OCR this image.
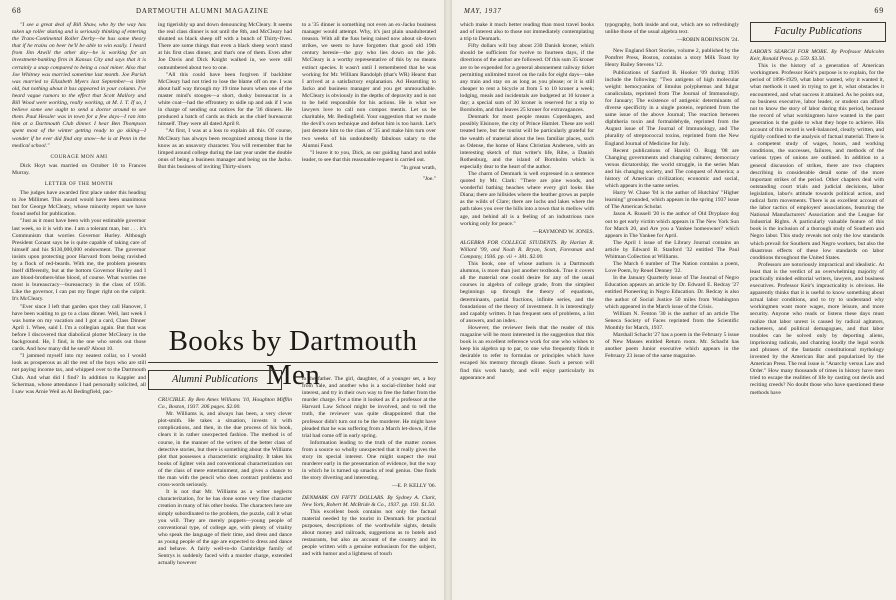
68	DARTMOUTH ALUMNI MAGAZINE

"I see a great deal of Bill Shaw, who by the way has taken up roller skating and is seriously thinking of entering the Trans-Continental Roller Derby—he has some theory that if he trains on beer he'll be able to win easily. I heard from Jim Atwill the other day—he is working for an investment-banking firm in Kansas City and says that it is certainly a snap compared to being a coal miner. Also that Joe Whitney was married sometime last month. Joe Parish was married to Elizabeth Myers last September—a little old, but nothing about it has appeared in your column. I've heard vague rumors to the effect that Scott Mallory and Bill Wood were working, really working, at M. I. T. If so, I believe some one ought to send a doctor around to see them. Paul Hessler was in town for a few days—I ran into him at a Dartmouth Club dinner. I hear Ben Thompson spent most of the winter getting ready to go skiing—I wonder if he ever did find any snow—he is at Penn in the medical school."

COURAGE MON AMI

Dick Hoyt was married on October 10 to Frances Murray.

LETTER OF THE MONTH

The judges have awarded first place under this heading to Joe Millimet. This award would have been unanimous but for George McCleary, whose minority report we have found useful for publication.

"Just as it must have been with your estimable governor last week, so it is with me. I am a tolerant man, but . . . it's Communism that worries Governor Hurley. Although President Conant says he is quite capable of taking care of himself and his $130,000,000 endowment. The governor insists upon protecting poor Harvard from being ravished by a flock of red-beards. With me, the problem presents itself differently, but at the bottom Governor Hurley and I are blood-brothers-blue blood, of course. What worries me most is bureaucracy—bureaucracy in the class of 1936. Like the governor, I can put my finger right on the culprit. It's McCleary.

"Ever since I left that garden spot they call Hanover, I have been waiting to go to a class dinner. Well, last week I was home on my vacation and I got a card, Class Dinner April 1. Whee, said I. I'm a collegian again. But that was before I discovered that diabolical plotter McCleary in the background. He, I find, is the one who sends out those cards. And how many did he send? About 10.

"I jammed myself into my neatest collar, so I would look as prosperous as all the rest of the boys who are still not paying income tax, and whipped over to the Dartmouth Club. And what did I find? In addition to Kappler and Scherman, whose attendance I had personally solicited, all I saw was Arnie Weil as Al Bedingfield, pac-

ing tigerishly up and down denouncing McCleary. It seems the real class dinner is not until the 8th, and McCleary had shunted us black sheep off with a bunch of Thirty-fives. There are some things that even a black sheep won't stand at his first class dinner, and that's one of them. Even after Joe Davis and Dick Knight walked in, we were still outnumbered about two to one.

"All this could have been forgiven if backbiter McCleary had not tried to lose the blame off on me. I was about half way through my 19 time hours when one of the master mind's stooges—a short, dusky bureaucrat in a white coat—had the effrontery to sidle up and ask if I was in charge of sending out notices for the '36 dinners. He produced a batch of cards as thick as the chief bureaucrat himself. They were all dated April 8.

"At first, I was at a loss to explain all this. Of course, McCleary has always been recognized among those in the know as an unsavory character. You will remember that he limped around college during the last year under the double onus of being a business manager and being on the Jacko. But this business of inviting Thirty-sixers

to a '35 dinner is something not even an ex-Jacko business manager would attempt. Why, it's just plain unadulterated treason. With all the fuss being raised now about sit-down strikes, we seem to have forgotten that good old 19th century heresie—the guy who lies down on the job. McCleary is a worthy representative of this by no means extinct species. It wasn't until I remembered that he was working for Mr. William Randolph (that's WR) Hearst that I arrived at a satisfactory explanation. Ad Hearstling to Jacko and business manager and you get unmouchable. McCleary is obviously in the depths of depravity and is not to be held responsible for his actions. He is what we lawyers love to call non compos mentis. Let us be charitable, Mr. Bedingfield. Your suggestion that we made the devil's own technique and defeat him is too harsh. Let's just demote him to the class of '35 and make him turn over two weeks of his undoubtedly fabulous salary to the Alumni Fund.

"I leave it to you, Dick, as our guiding hand and noble leader, to see that this reasonable request is carried out.

"In great wrath,

"Joe."

Books by Dartmouth Men
Alumni Publications

CRUCIBLE. By Ben Ames Williams '10, Houghton Mifflin Co., Boston, 1937. 306 pages. $2.00.

Mr. Williams is, and always has been, a very clever plot-smith. He takes a situation, invests it with complications, and then, in the due process of his book, clears it in rather unexpected fashion. The method is of course, in the manner of the writers of the better class of detective stories, but there is something about the Williams plot that possesses a characteristic originality. It takes his books of lighter vein and conventional characterization out of the class of mere entertainment, and gives a chance to the man with the pencil who does contract problems and cross-words seriously.

It is not that Mr. Williams as a writer neglects characterization, for he has done some very fine character creation in many of his other books. The characters here are simply subordinated to the problem, the puzzle, call it what you will. They are merely puppets—young people of conventional type, of college age, with plenty of vitality who speak the language of their time, and dress and dance as young people of the age are expected to dress and dance and behave. A fairly well-to-do Cambridge family of Sentrys is suddenly faced with a murder charge, extended actually however

to the father. The girl, daughter, of a younger set, a boy from Yale, and another who is a social-climber hold our interest, and try in their own way to free the father from the murder charge. For a time it looked as if a professor at the Harvard Law School might be involved, and to tell the truth, the reviewer was quite disappointed that the professor didn't turn out to be the murderer. He might have pleaded that he was suffering from a March let-down, if the trial had come off in early spring.

Information leading to the truth of the matter comes from a source so wholly unexpected that it really gives the story its special interest. One might suspect the real murderer early in the presentation of evidence, but the way in which he is turned up smacks of real genius. One finds the story diverting and interesting.

—E. P. KELLY '06.

DENMARK ON FIFTY DOLLARS. By Sydney A. Clark, New York, Robert M. McBride & Co., 1937. pp. 193. $1.50.

This excellent book contains not only the factual material needed by the tourist in Denmark for practical purposes, descriptions of the worthwhile sights, details about money and railroads, suggestions as to hotels and restaurants, but also an account of the country and its people written with a genuine enthusiasm for the subject, and with humor and a lightness of touch

MAY, 1937	69

which make it much better reading than most travel books and of interest also to those not immediately contemplating a trip to Denmark.

Fifty dollars will buy about 230 Danish kroner, which should be sufficient for twelve to fourteen days, if the directions of the author are followed. Of this sum 35 kroner are to be expended for a general abonnement railway ticket permitting unlimited travel on the rails for eight days—take any train and stay on as long as you please; or it is still cheaper to rent a bicycle at from 5 to 10 kroner a week; lodging, meals and incidentals are budgeted at 10 kroner a day; a special sum of 30 kroner is reserved for a trip to Bornholm, and that leaves 25 kroner for extravagances.

Denmark for most people means Copenhagen, and possibly Elsinore, the city of Prince Hamlet. These are well treated here, but the tourist will be particularly grateful for the wealth of material about the less familiar places, such as Odense, the home of Hans Christian Andersen, with an interesting sketch of that writer's life, Ribe, a Danish Rothenburg, and the island of Bornholm which is especially dear to the heart of the author.

The charm of Denmark is well expressed in a sentence quoted by Mr. Clark: "There are pine woods, and wonderful bathing beaches where every girl looks like Diana; there are hillsides where the heather grows as purple as the wilds of Clare; there are lochs and lakes where the path takes you over the hills into a town that is mellow with age, and behind all is a feeling of an industrious race working only for peace."

—RAYMOND W. JONES.

ALGEBRA FOR COLLEGE STUDENTS. By Harlan R. Willard '99, and Noah R. Bryan, Scott, Foresman and Company, 1936. pp. vii + 381. $2.00.

This book, one of whose authors is a Dartmouth alumnus, is more than just another textbook. True it covers all the material one could desire for any of the usual courses in algebra of college grade, from the simplest beginnings up through the theory of equations, determinants, partial fractions, infinite series, and the foundations of the theory of investment. It is interestingly and capably written. It has frequent sets of problems, a list of answers, and an index.

However, the reviewer feels that the reader of this magazine will be most interested in the suggestion that this book is an excellent reference work for one who wishes to keep his algebra up to par, to one who frequently finds it desirable to refer to formulas or principles which have escaped his memory through disuse. Such a person will find this work handy, and will enjoy particularly its appearance and

typography, both inside and out, which are so refreshingly unlike those of the usual algebra text.

—ROBIN ROBINSON '24.

New England Short Stories, volume 2, published by the Pomfret Press, Boston, contains a story Milk Toast by Henry Bailey Stevens '12.

Publications of Sanford B. Hooker '09 during 1936 include the following: "Two antigens of high molecular weight: hemocyanins of limulus polyphemus and fulgur canaliculata, reprinted from The Journal of Immunology, for January; The existence of antigenic determinants of diverse specificity in a single protein, reprinted from the same issue of the above Journal; The reaction between diphtheria toxin and formaldehyde, reprinted from the August issue of The Journal of Immunology, and The plurality of streptococcal toxins, reprinted from the New England Journal of Medicine for July.

Recent publications of Harold O. Rugg '08 are Changing governments and changing cultures; democracy versus dictatorship; the world struggle, in the series Man and his changing society, and The conquest of America; a history of American civilization; economic and social, which appears in the same series.

Harry W. Chase '04 is the author of Hutchins' "Higher learning" grounded, which appears in the spring 1937 issue of The American Scholar.

Jason A. Russell '20 is the author of Old Dryplace dog out to get early victim which appears in The New York Sun for March 20, and Are you a Yankee homeowner? which appears in The Yankee for April.

The April 1 issue of the Library Journal contains an article by Edward B. Stanford '32 entitled The Paul Whitman Collection at Williams.

The March 6 number of The Nation contains a poem, Love Poem, by Reuel Denney '32.

In the January Quarterly issue of The Journal of Negro Education appears an article by Dr. Edward E. Redcay '27 entitled Pioneering in Negro Education. Dr. Redcay is also the author of Social Justice 50 miles from Washington which appeared in the March issue of the Crisis.

William N. Fenton '30 is the author of an article The Seneca Society of Faces reprinted from the Scientific Monthly for March, 1937.

Marshall Schacht '27 has a poem in the February 5 issue of New Masses entitled Return room. Mr. Schacht has another poem Junior executive which appears in the February 23 issue of the same magazine.

Faculty Publications

LABOR'S SEARCH FOR MORE. By Professor Malcolm Keir, Ronald Press. p. 559. $3.50.

This is the history of a generation of American workingmen. Professor Keir's purpose is to explain, for the period of 1896-1929, what labor wanted, why it wanted it, what methods it used in trying to get it, what obstacles it encountered, and what success it attained. As he points out, no business executive, labor leader, or student can afford not to know the story of labor during this period, because the record of what workingmen have wanted in the past generation is the guide to what they hope to achieve. His account of this record is well-balanced, clearly written, and rigidly confined to the analysis of factual material. There is a competent study of wages, hours, and working conditions, the successes, failures, and methods of the various types of unions are outlined. In addition to a general discussion of strikes, there are two chapters describing in considerable detail some of the more important strikes of the period. Other chapters deal with outstanding court trials and judicial decisions, labor legislation, labor's attitude towards political action, and radical farm movements. There is an excellent account of the labor tactics of employers' associations, featuring the National Manufacturers' Association and the League for Industrial Rights. A particularly valuable feature of this book is the inclusion of a thorough study of Southern and Negro labor. This study reveals not only the low standards which prevail for Southern and Negro workers, but also the disastrous effects of these low standards on labor conditions throughout the United States.

Professors are notoriously impractical and idealistic. At least that is the verdict of an overwhelming majority of practically minded editorial writers, lawyers, and business executives. Professor Keir's impracticality is obvious. He apparently thinks that it is useful to know something about actual labor conditions, and to try to understand why workingmen want more wages, more leisure, and more security. Anyone who reads or listens these days must realize that labor unrest is caused by radical agitators, racketeers, and political demagogues, and that labor troubles can be solved only by deporting aliens, imprisoning radicals, and chanting loudly the legal words and phrases of the fantastic constitutional mythology invented by the American Bar and popularized by the American Press. The real issue is "Anarchy versus Law and Order." How many thousands of times in history have men tried to escape the realities of life by casting out devils and reciting creeds? No doubt those who have questioned these methods have
